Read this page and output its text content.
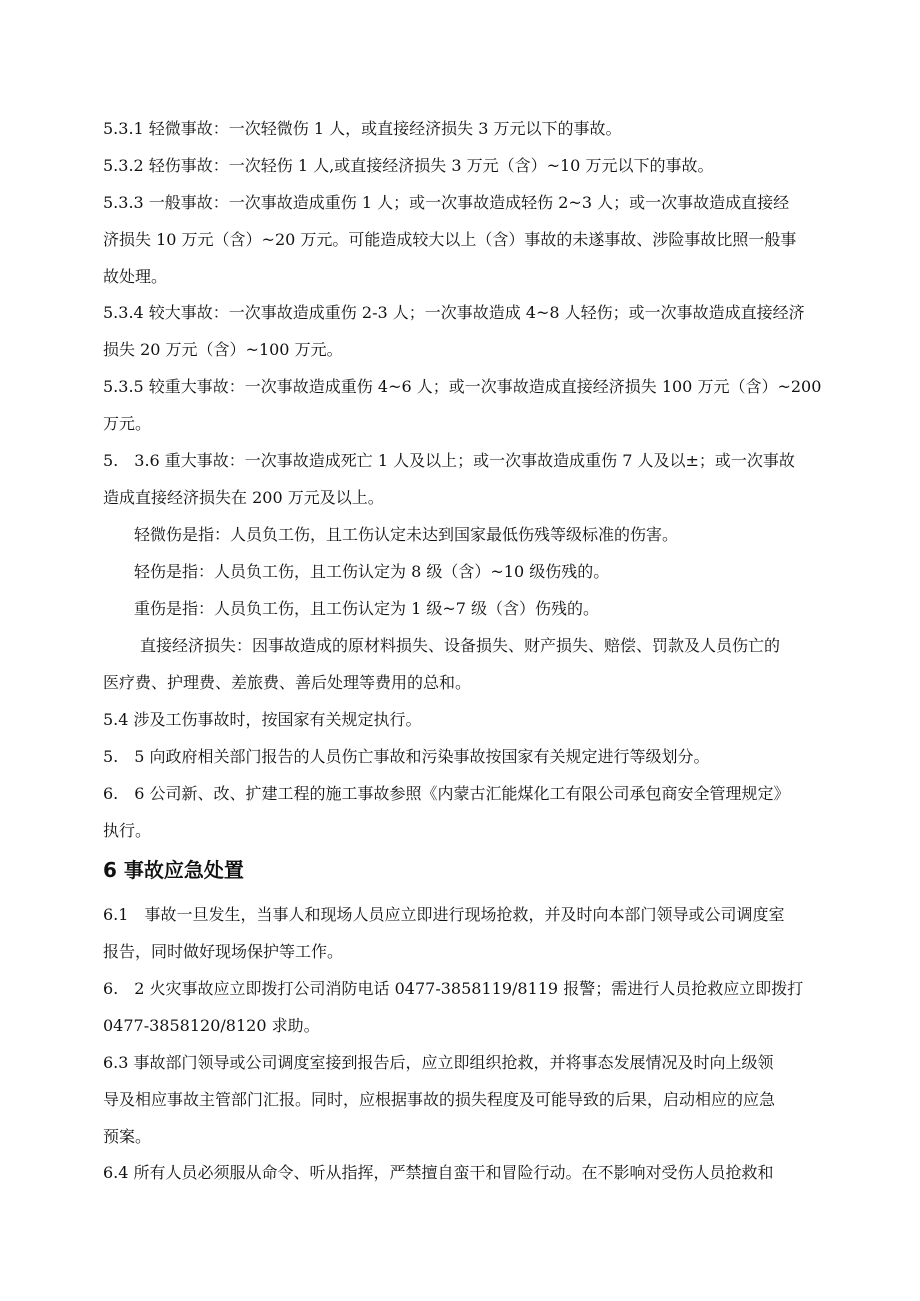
5.3.1 轻微事故：一次轻微伤 1 人，或直接经济损失 3 万元以下的事故。
5.3.2 轻伤事故：一次轻伤 1 人,或直接经济损失 3 万元（含）~10 万元以下的事故。
5.3.3 一般事故：一次事故造成重伤 1 人；或一次事故造成轻伤 2~3 人；或一次事故造成直接经
济损失 10 万元（含）~20 万元。可能造成较大以上（含）事故的未遂事故、涉险事故比照一般事
故处理。
5.3.4 较大事故：一次事故造成重伤 2-3 人；一次事故造成 4~8 人轻伤；或一次事故造成直接经济
损失 20 万元（含）~100 万元。
5.3.5 较重大事故：一次事故造成重伤 4~6 人；或一次事故造成直接经济损失 100 万元（含）~200
万元。
5.　3.6 重大事故：一次事故造成死亡 1 人及以上；或一次事故造成重伤 7 人及以±；或一次事故
造成直接经济损失在 200 万元及以上。
轻微伤是指：人员负工伤，且工伤认定未达到国家最低伤残等级标准的伤害。
轻伤是指：人员负工伤，且工伤认定为 8 级（含）~10 级伤残的。
重伤是指：人员负工伤，且工伤认定为 1 级~7 级（含）伤残的。
直接经济损失：因事故造成的原材料损失、设备损失、财产损失、赔偿、罚款及人员伤亡的
医疗费、护理费、差旅费、善后处理等费用的总和。
5.4 涉及工伤事故时，按国家有关规定执行。
5.　5 向政府相关部门报告的人员伤亡事故和污染事故按国家有关规定进行等级划分。
6.　6 公司新、改、扩建工程的施工事故参照《内蒙古汇能煤化工有限公司承包商安全管理规定》
执行。
6 事故应急处置
6.1　事故一旦发生，当事人和现场人员应立即进行现场抢救，并及时向本部门领导或公司调度室
报告，同时做好现场保护等工作。
6.　2 火灾事故应立即拨打公司消防电话 0477-3858119/8119 报警；需进行人员抢救应立即拨打
0477-3858120/8120 求助。
6.3 事故部门领导或公司调度室接到报告后，应立即组织抢救，并将事态发展情况及时向上级领
导及相应事故主管部门汇报。同时，应根据事故的损失程度及可能导致的后果，启动相应的应急
预案。
6.4 所有人员必须服从命令、听从指挥，严禁擅自蛮干和冒险行动。在不影响对受伤人员抢救和
